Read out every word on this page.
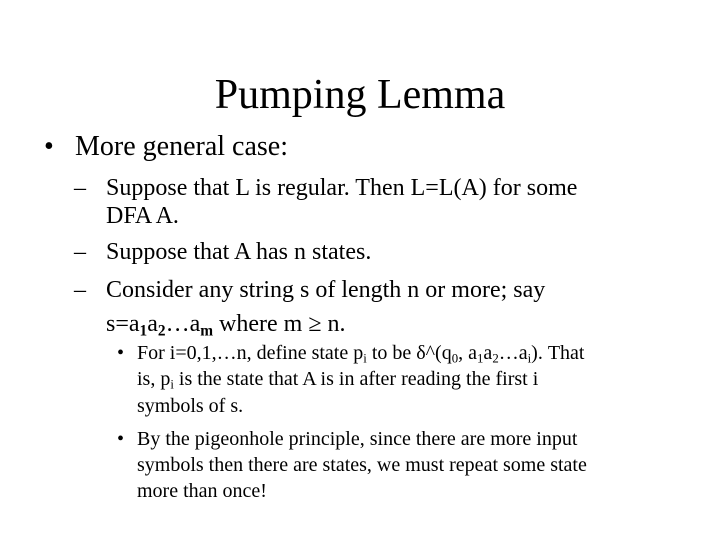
Pumping Lemma
• More general case:
– Suppose that L is regular. Then L=L(A) for some
DFA A.
– Suppose that A has n states.
– Consider any string s of length n or more; say
$s=a_1a_2\dots a_m$ where m ≥ n.
• For i=0,1,…n, define state $p_i$ to be $\delta\^{}(q_0$, $a_1a_2\dots a_i$). That
is, $p_i$ is the state that A is in after reading the first i
symbols of s.
• By the pigeonhole principle, since there are more input
symbols then there are states, we must repeat some state
more than once!
